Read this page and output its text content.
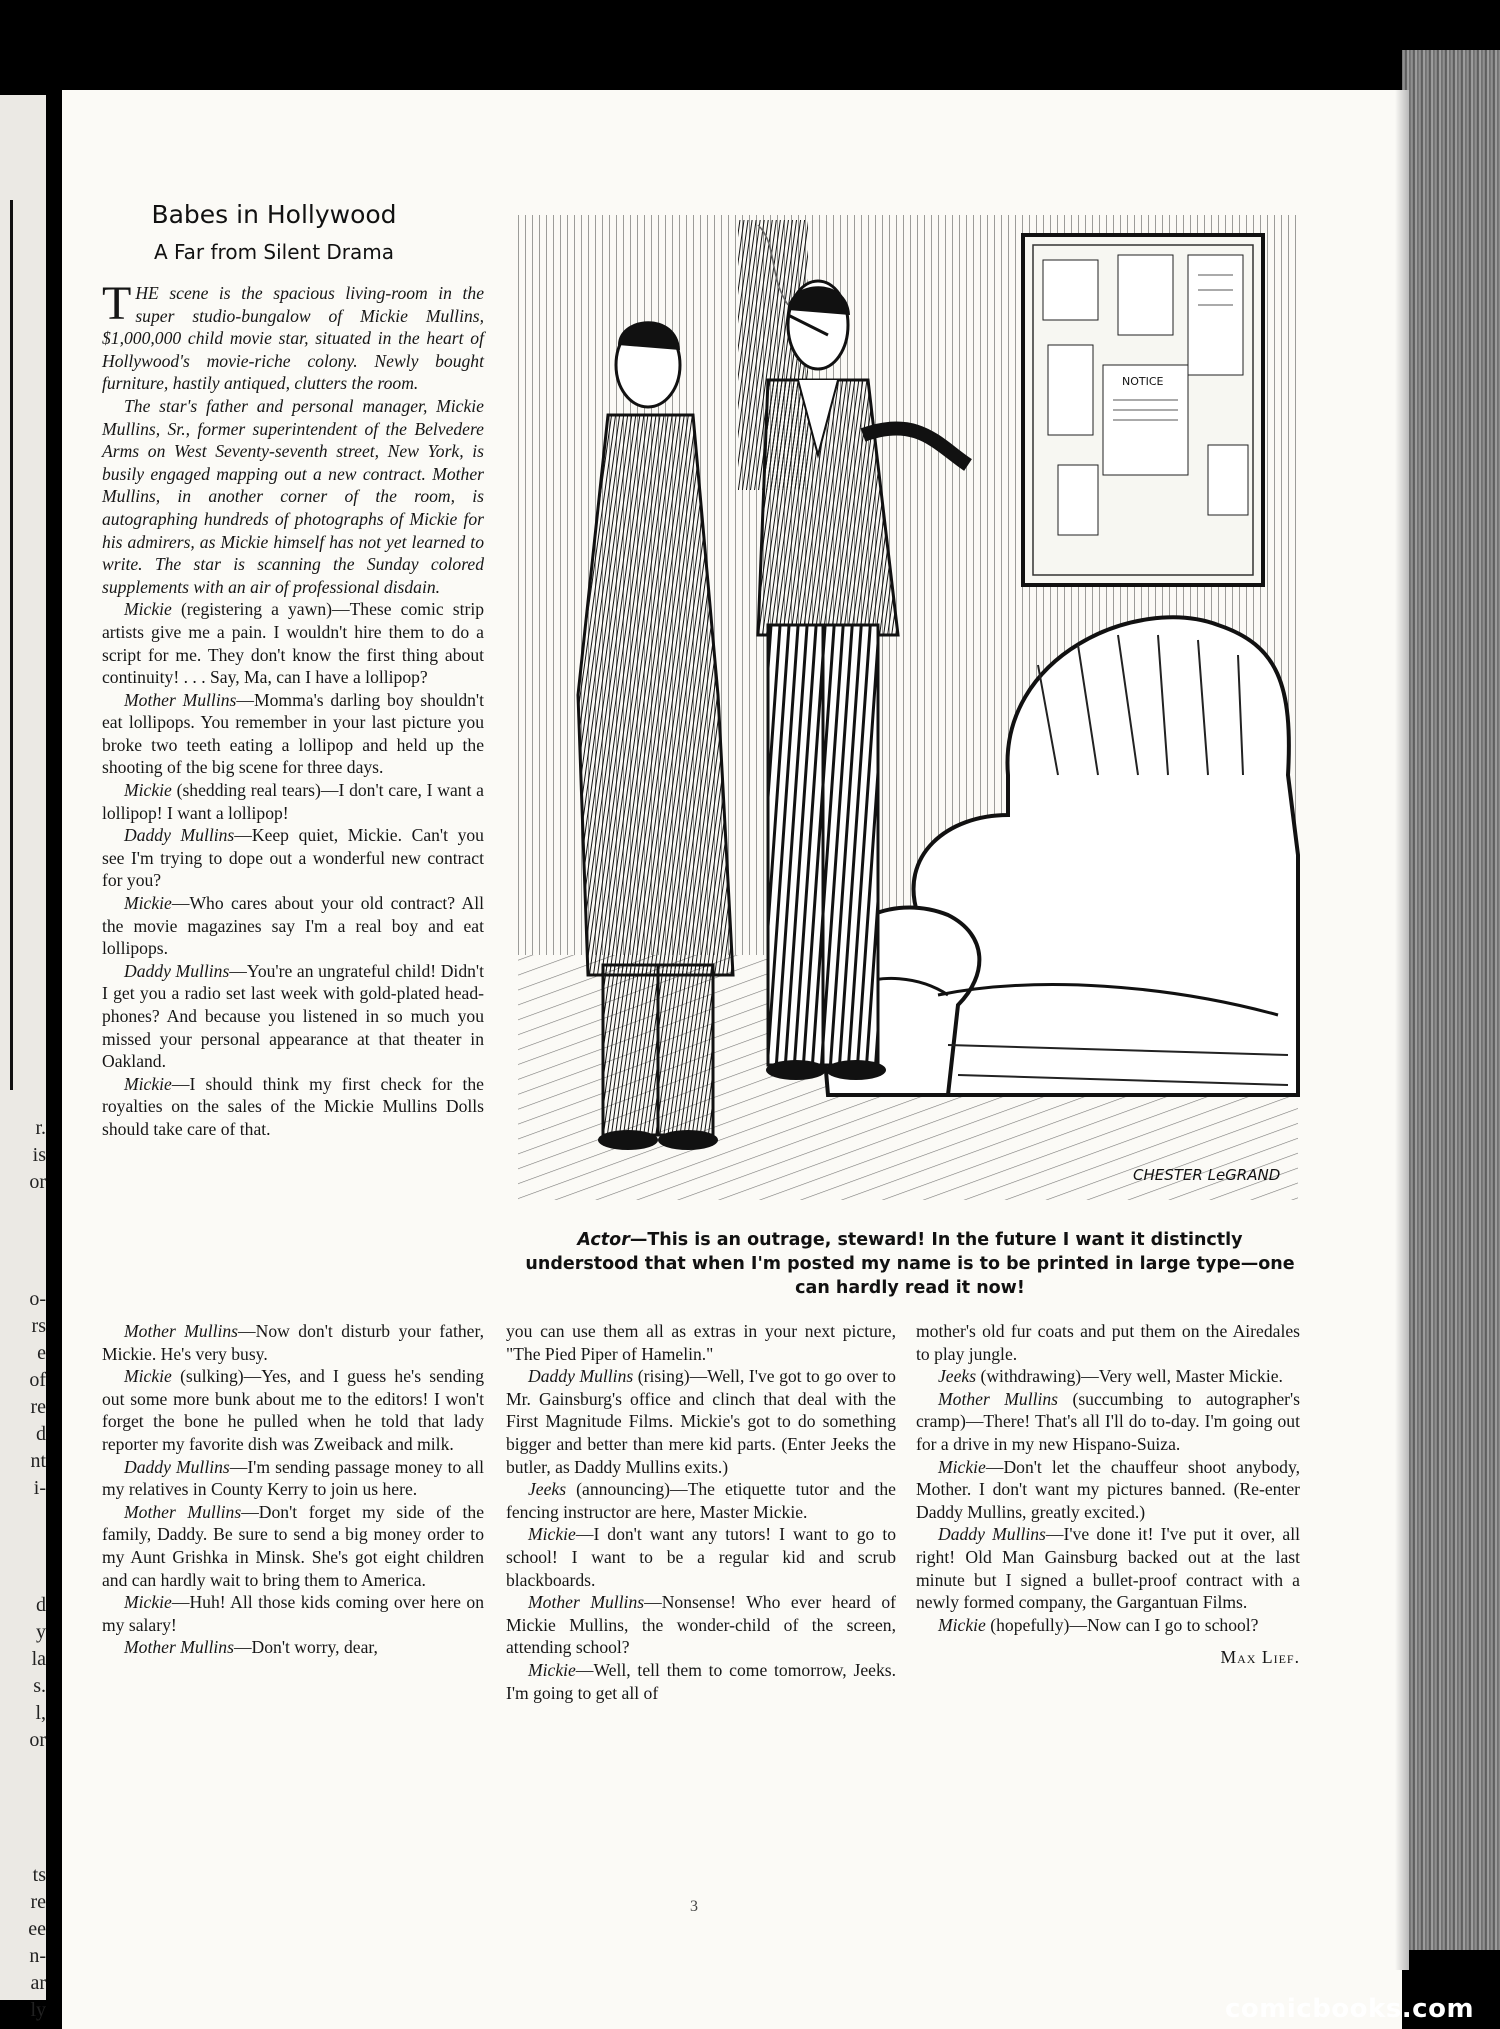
r.
is
or
o-
rs
e
of
re
d
nt
i-
d
y
la
s.
l,
or
ts
re
ee
n-
ar
ly
Babes in Hollywood
A Far from Silent Drama

THE scene is the spacious living-room in the super studio-bungalow of Mickie Mullins, $1,000,000 child movie star, situated in the heart of Hollywood's movie-riche colony. Newly bought furniture, hastily antiqued, clutters the room.

The star's father and personal manager, Mickie Mullins, Sr., former superintendent of the Belvedere Arms on West Seventy-seventh street, New York, is busily engaged mapping out a new contract. Mother Mullins, in another corner of the room, is autographing hundreds of photographs of Mickie for his admirers, as Mickie himself has not yet learned to write. The star is scanning the Sunday colored supplements with an air of professional disdain.

Mickie (registering a yawn)—These comic strip artists give me a pain. I wouldn't hire them to do a script for me. They don't know the first thing about continuity! . . . Say, Ma, can I have a lollipop?

Mother Mullins—Momma's darling boy shouldn't eat lollipops. You remember in your last picture you broke two teeth eating a lollipop and held up the shooting of the big scene for three days.

Mickie (shedding real tears)—I don't care, I want a lollipop! I want a lollipop!

Daddy Mullins—Keep quiet, Mickie. Can't you see I'm trying to dope out a wonderful new contract for you?

Mickie—Who cares about your old contract? All the movie magazines say I'm a real boy and eat lollipops.

Daddy Mullins—You're an ungrateful child! Didn't I get you a radio set last week with gold-plated head-phones? And because you listened in so much you missed your personal appearance at that theater in Oakland.

Mickie—I should think my first check for the royalties on the sales of the Mickie Mullins Dolls should take care of that.

Mother Mullins—Now don't disturb your father, Mickie. He's very busy.

Mickie (sulking)—Yes, and I guess he's sending out some more bunk about me to the editors! I won't forget the bone he pulled when he told that lady reporter my favorite dish was Zweiback and milk.

Daddy Mullins—I'm sending passage money to all my relatives in County Kerry to join us here.

Mother Mullins—Don't forget my side of the family, Daddy. Be sure to send a big money order to my Aunt Grishka in Minsk. She's got eight children and can hardly wait to bring them to America.

Mickie—Huh! All those kids coming over here on my salary!

Mother Mullins—Don't worry, dear,

you can use them all as extras in your next picture, "The Pied Piper of Hamelin."

Daddy Mullins (rising)—Well, I've got to go over to Mr. Gainsburg's office and clinch that deal with the First Magnitude Films. Mickie's got to do something bigger and better than mere kid parts. (Enter Jeeks the butler, as Daddy Mullins exits.)

Jeeks (announcing)—The etiquette tutor and the fencing instructor are here, Master Mickie.

Mickie—I don't want any tutors! I want to go to school! I want to be a regular kid and scrub blackboards.

Mother Mullins—Nonsense! Who ever heard of Mickie Mullins, the wonder-child of the screen, attending school?

Mickie—Well, tell them to come tomorrow, Jeeks. I'm going to get all of

mother's old fur coats and put them on the Airedales to play jungle.

Jeeks (withdrawing)—Very well, Master Mickie.

Mother Mullins (succumbing to autographer's cramp)—There! That's all I'll do to-day. I'm going out for a drive in my new Hispano-Suiza.

Mickie—Don't let the chauffeur shoot anybody, Mother. I don't want my pictures banned. (Re-enter Daddy Mullins, greatly excited.)

Daddy Mullins—I've done it! I've put it over, all right! Old Man Gainsburg backed out at the last minute but I signed a bullet-proof contract with a newly formed company, the Gargantuan Films.

Mickie (hopefully)—Now can I go to school?

Max Lief.
NOTICE
CHESTER LeGRAND
Actor—This is an outrage, steward! In the future I want it distinctly understood that when I'm posted my name is to be printed in large type—one can hardly read it now!
3
comicbooks.com
